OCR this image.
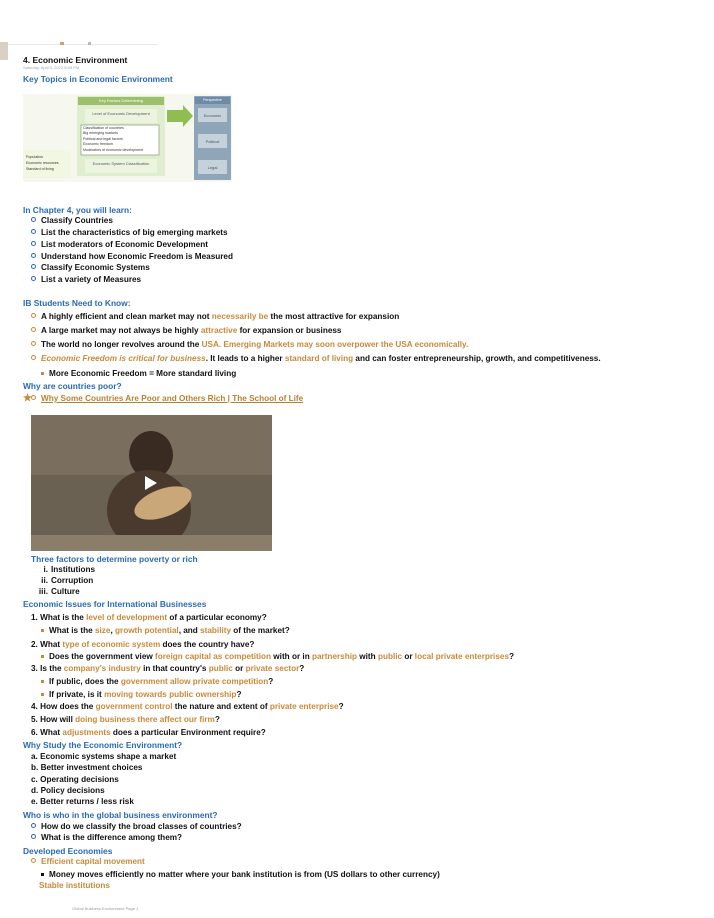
4. Economic Environment
Saturday, April 9, 2022 5:09 PM
Key Topics in Economic Environment
Key Factors Determining
Level of Economic Development
Classification of countries
Big emerging markets
Political and legal factors
Economic freedom
Moderators of economic development
Economic System Classification
Perspective
Economic
Political
Legal
Population
Economic resources
Standard of living
In Chapter 4, you will learn:
Classify Countries
List the characteristics of big emerging markets
List moderators of Economic Development
Understand how Economic Freedom is Measured
Classify Economic Systems
List a variety of Measures
IB Students Need to Know:
A highly efficient and clean market may not necessarily be the most attractive for expansion
A large market may not always be highly attractive for expansion or business
The world no longer revolves around the USA. Emerging Markets may soon overpower the USA economically.
Economic Freedom is critical for business. It leads to a higher standard of living and can foster entrepreneurship, growth, and competitiveness.
More Economic Freedom = More standard living
Why are countries poor?
Why Some Countries Are Poor and Others Rich | The School of Life
Three factors to determine poverty or rich
i. Institutions
ii. Corruption
iii. Culture
Economic Issues for International Businesses
1. What is the level of development of a particular economy?
What is the size, growth potential, and stability of the market?
2. What type of economic system does the country have?
Does the government view foreign capital as competition with or in partnership with public or local private enterprises?
3. Is the company's industry in that country's public or private sector?
If public, does the government allow private competition?
If private, is it moving towards public ownership?
4. How does the government control the nature and extent of private enterprise?
5. How will doing business there affect our firm?
6. What adjustments does a particular Environment require?
Why Study the Economic Environment?
a. Economic systems shape a market
b. Better investment choices
c. Operating decisions
d. Policy decisions
e. Better returns / less risk
Who is who in the global business environment?
How do we classify the broad classes of countries?
What is the difference among them?
Developed Economies
Efficient capital movement
Money moves efficiently no matter where your bank institution is from (US dollars to other currency)
Stable institutions
Global Business Environment Page 1
